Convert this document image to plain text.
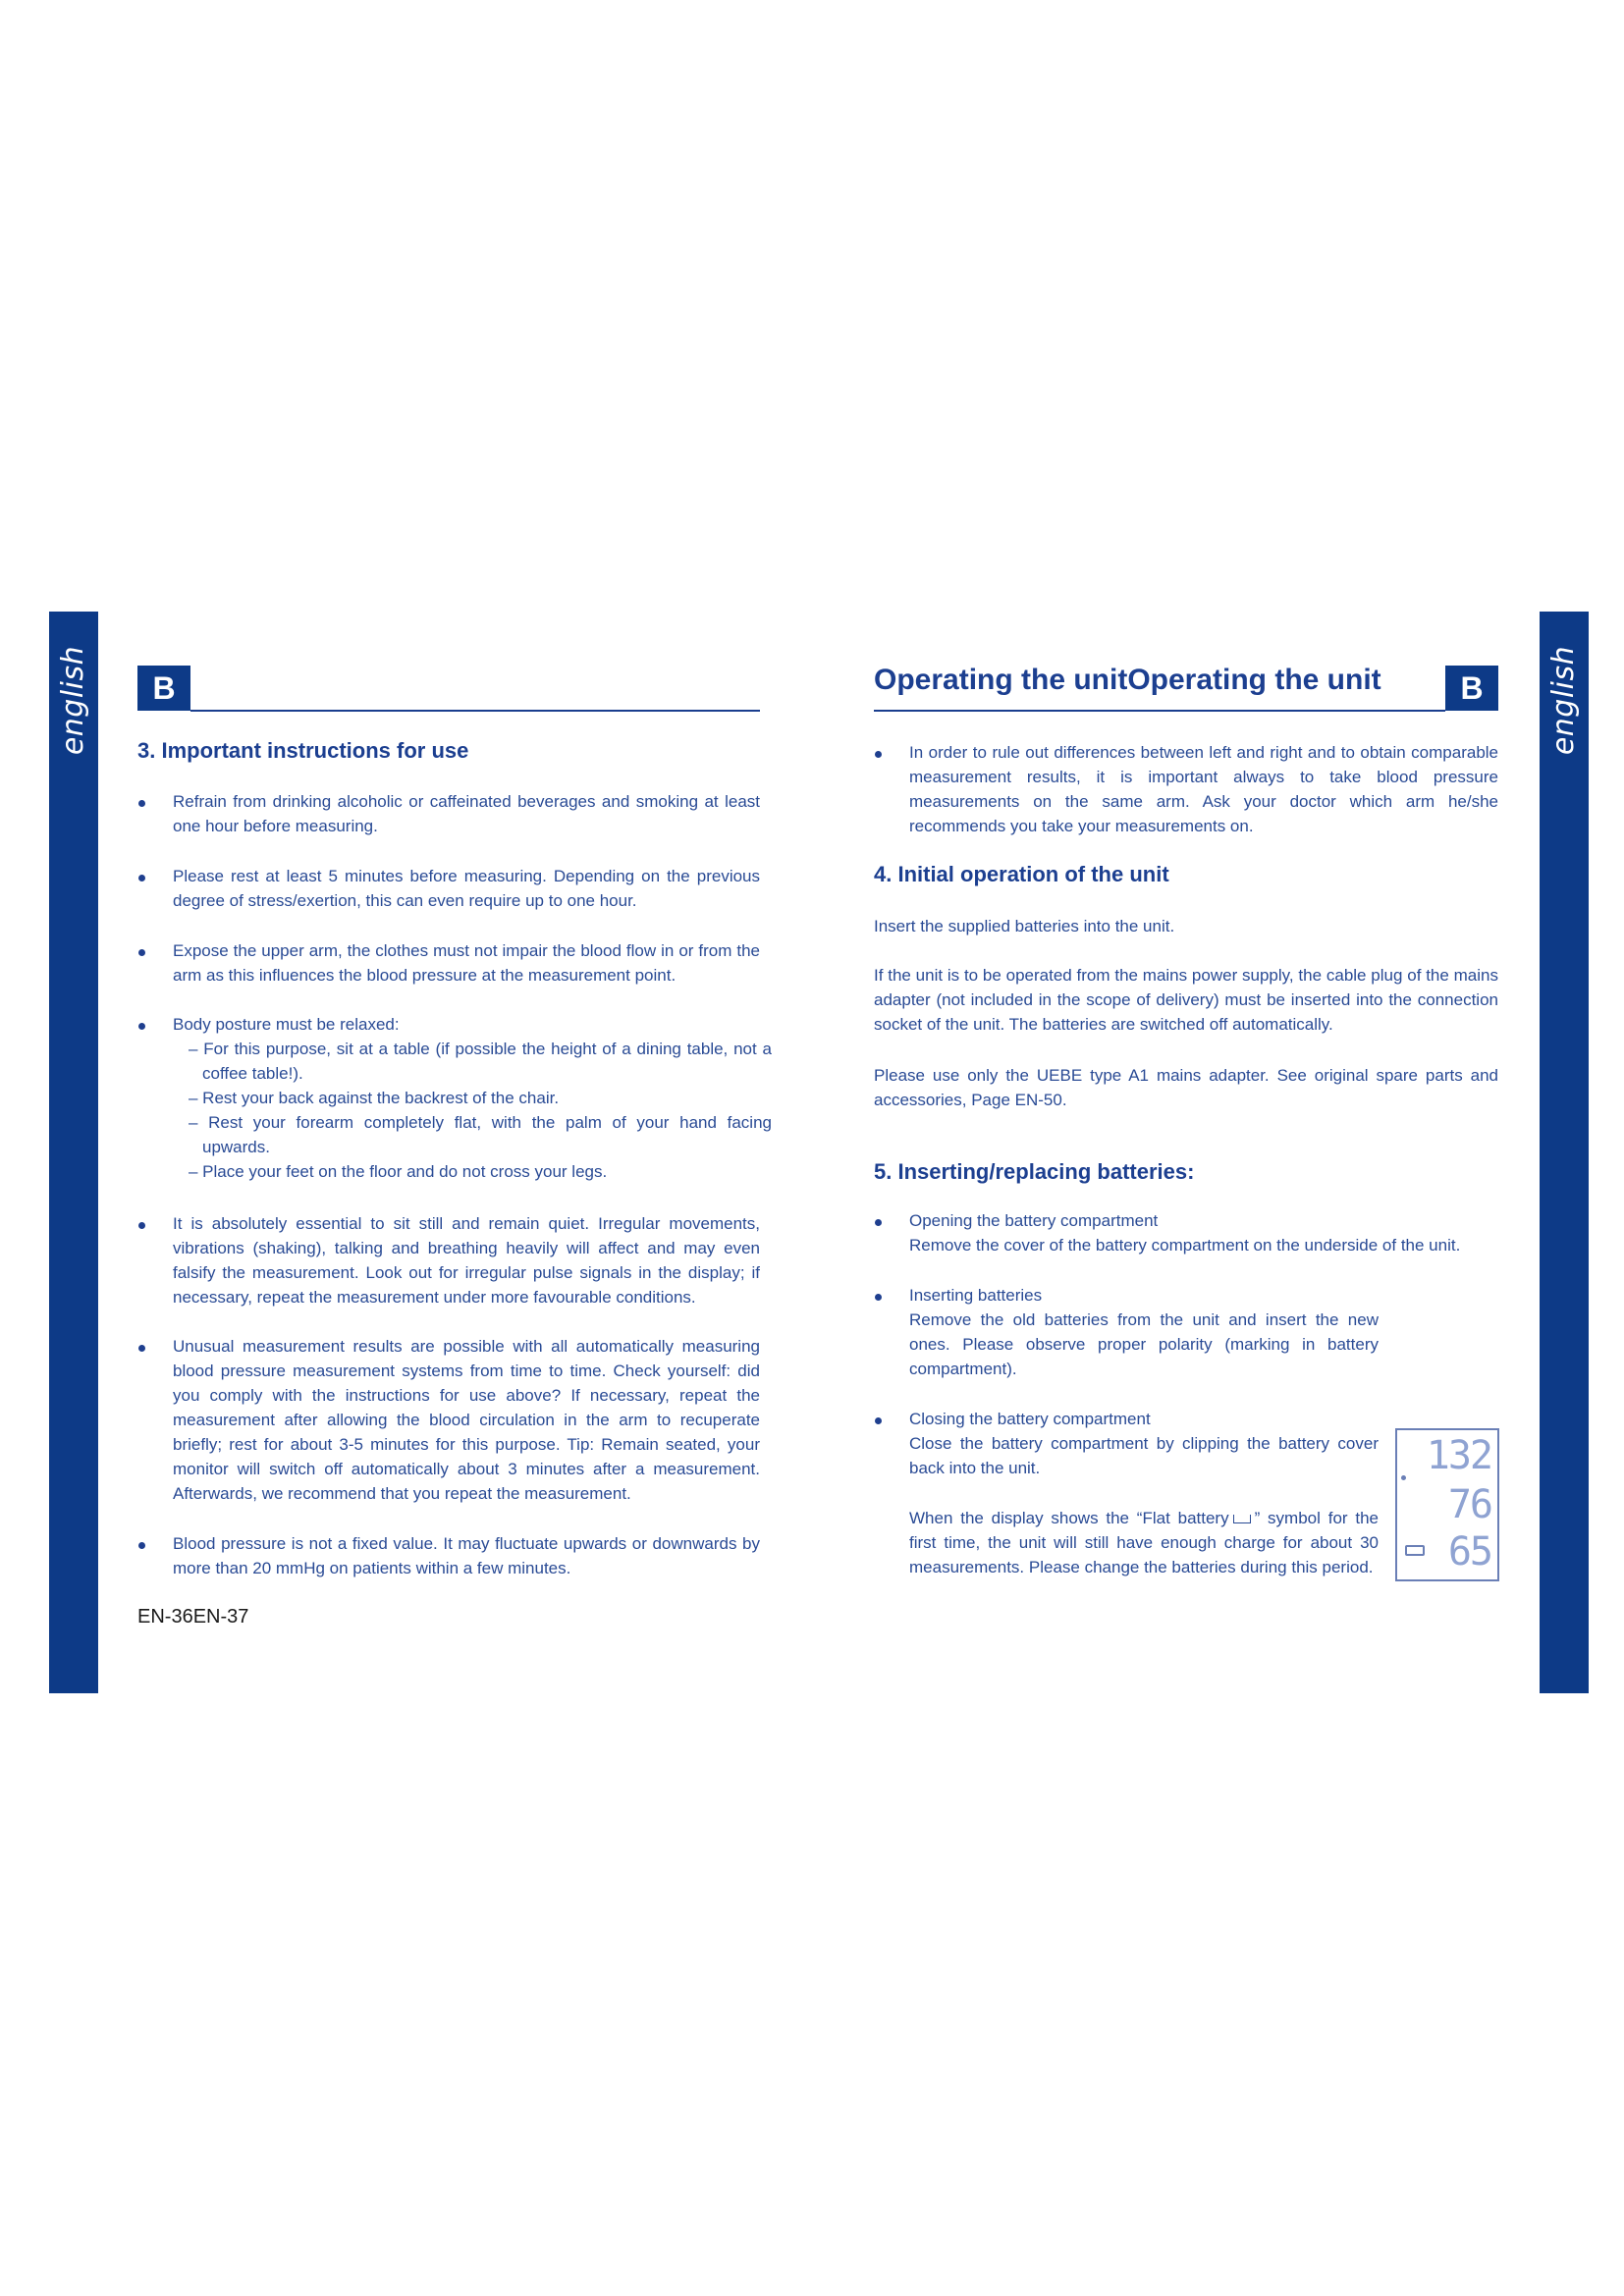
english	english
B	Operating the unitOperating the unit	B
3. Important instructions for use
Refrain from drinking alcoholic or caffeinated beverages and smoking at least one hour before measuring.
Please rest at least 5 minutes before measuring. Depending on the previous degree of stress/exertion, this can even require up to one hour.
Expose the upper arm, the clothes must not impair the blood flow in or from the arm as this influences the blood pressure at the measurement point.
Body posture must be relaxed:
– For this purpose, sit at a table (if possible the height of a dining table, not a coffee table!).
– Rest your back against the backrest of the chair.
– Rest your forearm completely flat, with the palm of your hand facing upwards.
– Place your feet on the floor and do not cross your legs.
It is absolutely essential to sit still and remain quiet. Irregular movements, vibrations (shaking), talking and breathing heavily will affect and may even falsify the measurement. Look out for irregular pulse signals in the display; if necessary, repeat the measurement under more favourable conditions.
Unusual measurement results are possible with all automatically measuring blood pressure measurement systems from time to time. Check yourself: did you comply with the instructions for use above? If necessary, repeat the measurement after allowing the blood circulation in the arm to recuperate briefly; rest for about 3-5 minutes for this purpose. Tip: Remain seated, your monitor will switch off automatically about 3 minutes after a measurement. Afterwards, we recommend that you repeat the measurement.
Blood pressure is not a fixed value. It may fluctuate upwards or downwards by more than 20 mmHg on patients within a few minutes.
EN-36EN-37
In order to rule out differences between left and right and to obtain comparable measurement results, it is important always to take blood pressure measurements on the same arm. Ask your doctor which arm he/she recommends you take your measurements on.
4. Initial operation of the unit
Insert the supplied batteries into the unit.
If the unit is to be operated from the mains power supply, the cable plug of the mains adapter (not included in the scope of delivery) must be inserted into the connection socket of the unit. The batteries are switched off automatically.
Please use only the UEBE type A1 mains adapter. See original spare parts and accessories, Page EN-50.
5. Inserting/replacing batteries:
Opening the battery compartment
Remove the cover of the battery compartment on the underside of the unit.
Inserting batteries
Remove the old batteries from the unit and insert the new ones. Please observe proper polarity (marking in battery compartment).
Closing the battery compartment
Close the battery compartment by clipping the battery cover back into the unit.
When the display shows the “Flat battery ” symbol for the first time, the unit will still have enough charge for about 30 measurements. Please change the batteries during this period.
132
76
65
